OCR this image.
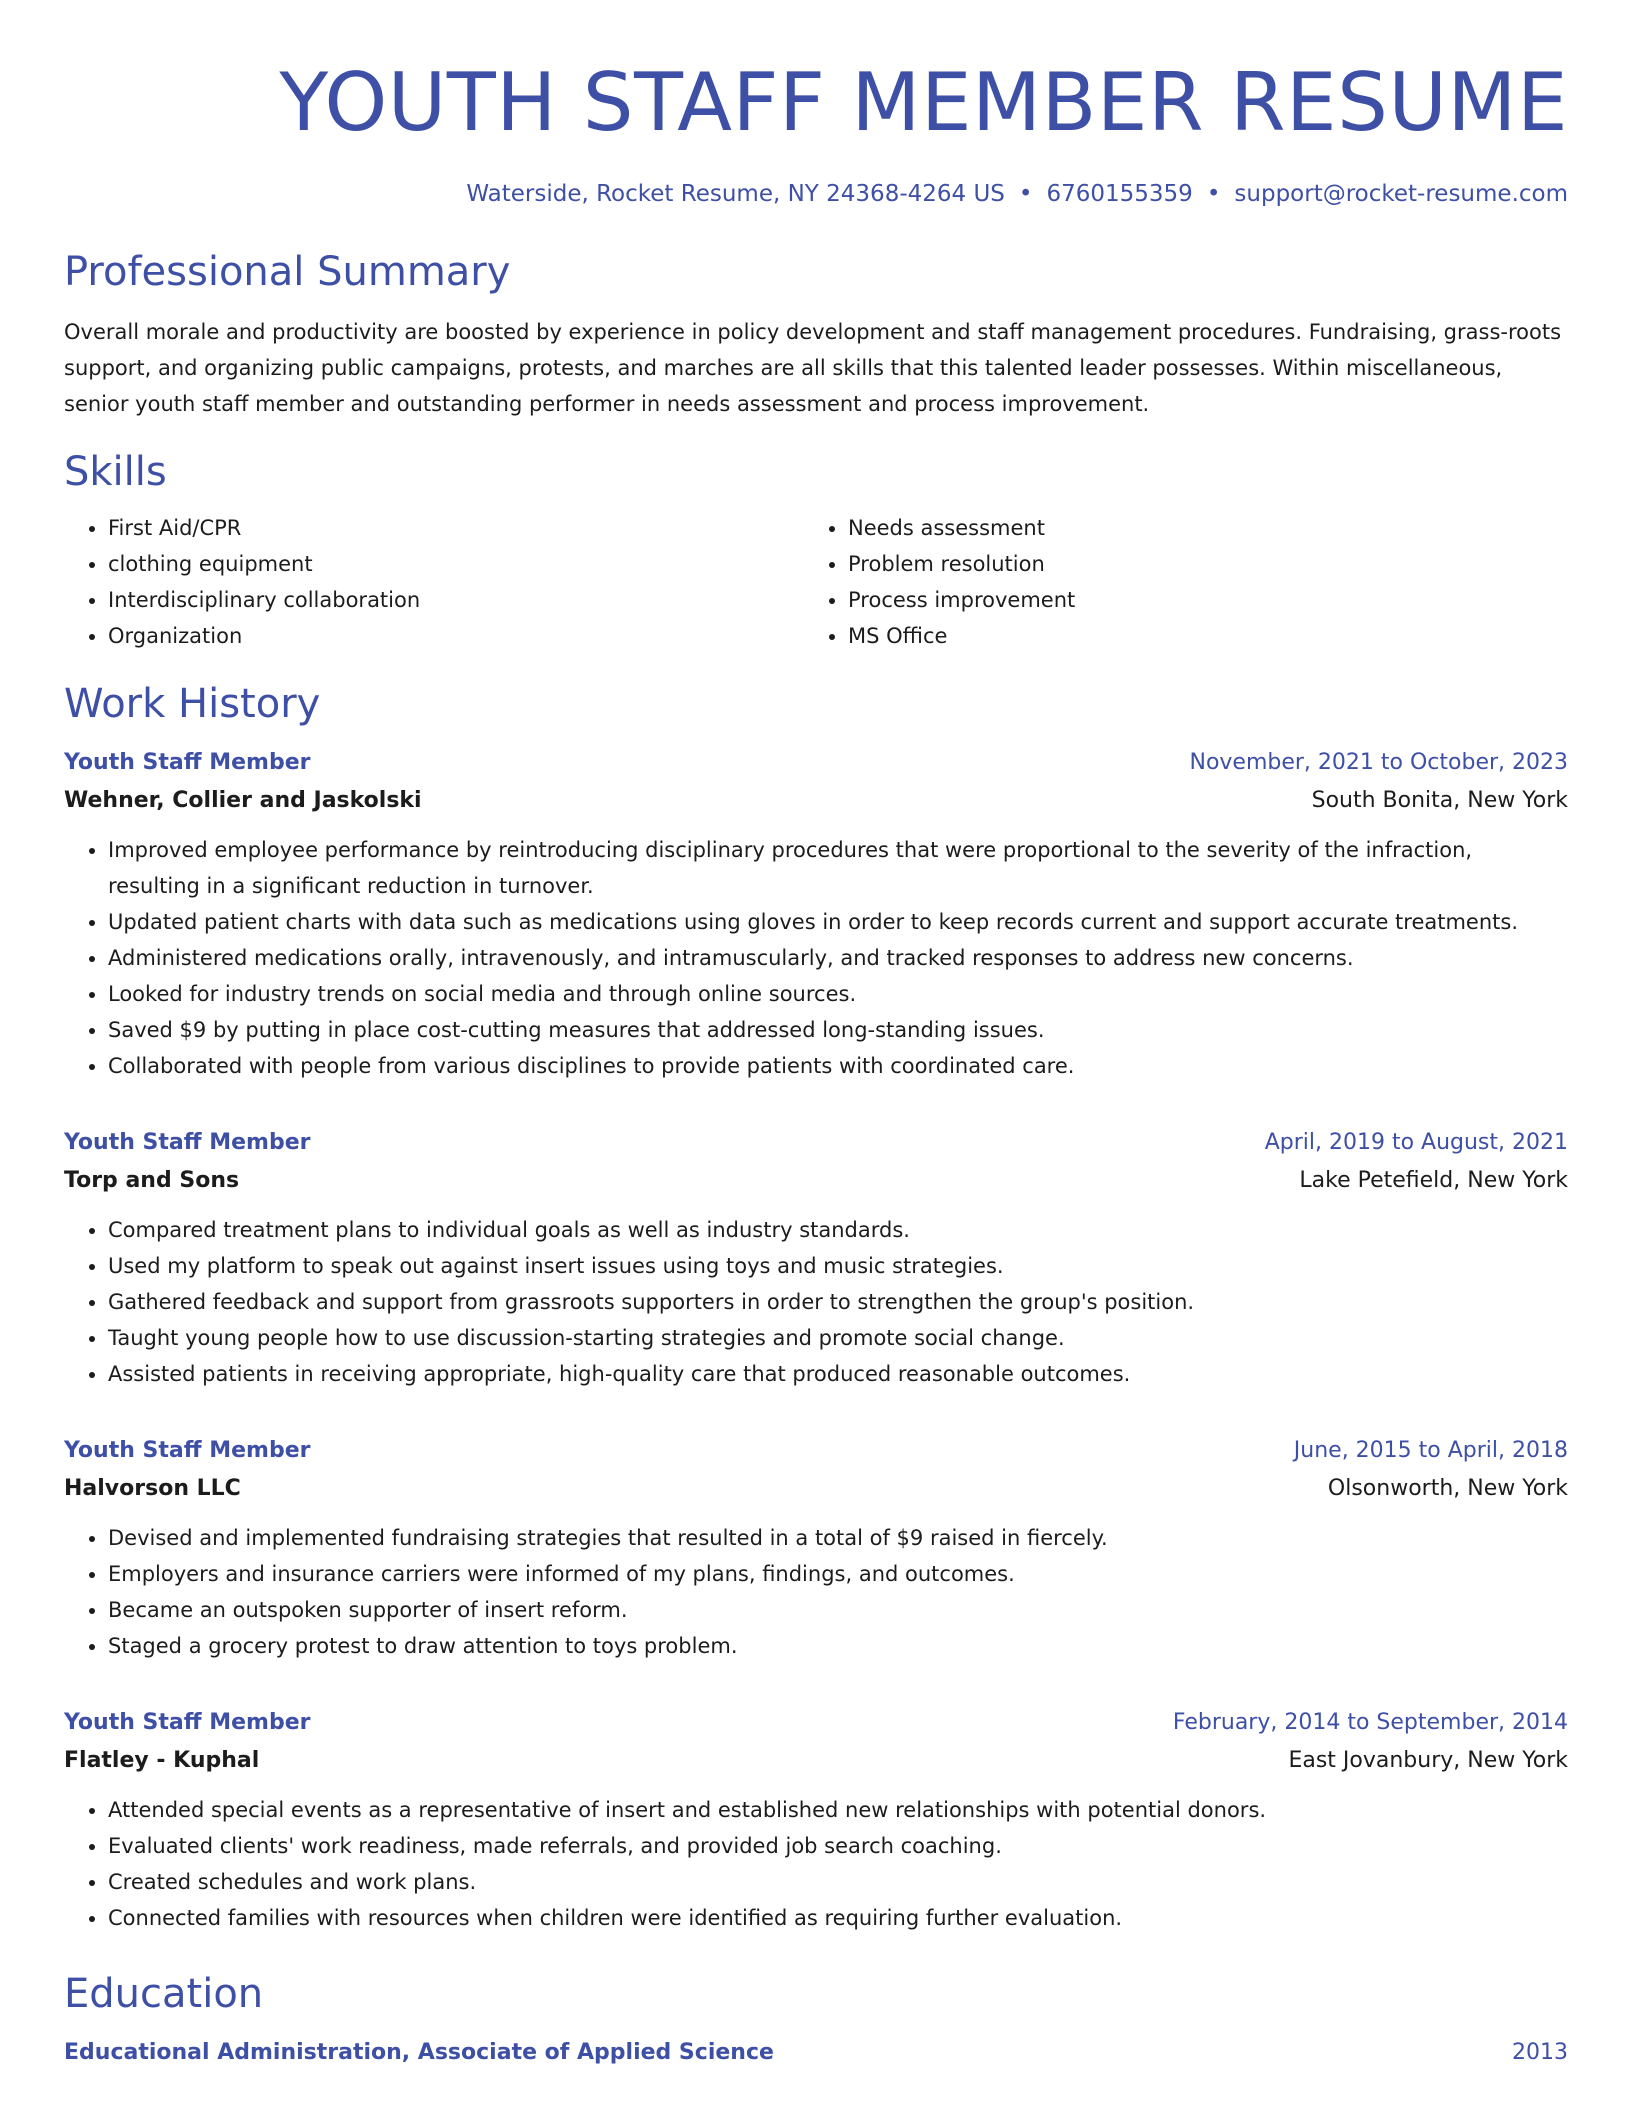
YOUTH STAFF MEMBER RESUME
Waterside, Rocket Resume, NY 24368-4264 US • 6760155359 • support@rocket-resume.com
Professional Summary

Overall morale and productivity are boosted by experience in policy development and staff management procedures. Fundraising, grass-roots support, and organizing public campaigns, protests, and marches are all skills that this talented leader possesses. Within miscellaneous, senior youth staff member and outstanding performer in needs assessment and process improvement.

Skills
• First Aid/CPR
• clothing equipment
• Interdisciplinary collaboration
• Organization
• Needs assessment
• Problem resolution
• Process improvement
• MS Office
Work History
Youth Staff Member	November, 2021 to October, 2023
Wehner, Collier and Jaskolski	South Bonita, New York
• Improved employee performance by reintroducing disciplinary procedures that were proportional to the severity of the infraction, resulting in a significant reduction in turnover.
• Updated patient charts with data such as medications using gloves in order to keep records current and support accurate treatments.
• Administered medications orally, intravenously, and intramuscularly, and tracked responses to address new concerns.
• Looked for industry trends on social media and through online sources.
• Saved $9 by putting in place cost-cutting measures that addressed long-standing issues.
• Collaborated with people from various disciplines to provide patients with coordinated care.
Youth Staff Member	April, 2019 to August, 2021
Torp and Sons	Lake Petefield, New York
• Compared treatment plans to individual goals as well as industry standards.
• Used my platform to speak out against insert issues using toys and music strategies.
• Gathered feedback and support from grassroots supporters in order to strengthen the group's position.
• Taught young people how to use discussion-starting strategies and promote social change.
• Assisted patients in receiving appropriate, high-quality care that produced reasonable outcomes.
Youth Staff Member	June, 2015 to April, 2018
Halvorson LLC	Olsonworth, New York
• Devised and implemented fundraising strategies that resulted in a total of $9 raised in fiercely.
• Employers and insurance carriers were informed of my plans, findings, and outcomes.
• Became an outspoken supporter of insert reform.
• Staged a grocery protest to draw attention to toys problem.
Youth Staff Member	February, 2014 to September, 2014
Flatley - Kuphal	East Jovanbury, New York
• Attended special events as a representative of insert and established new relationships with potential donors.
• Evaluated clients' work readiness, made referrals, and provided job search coaching.
• Created schedules and work plans.
• Connected families with resources when children were identified as requiring further evaluation.
Education
Educational Administration, Associate of Applied Science	2013
